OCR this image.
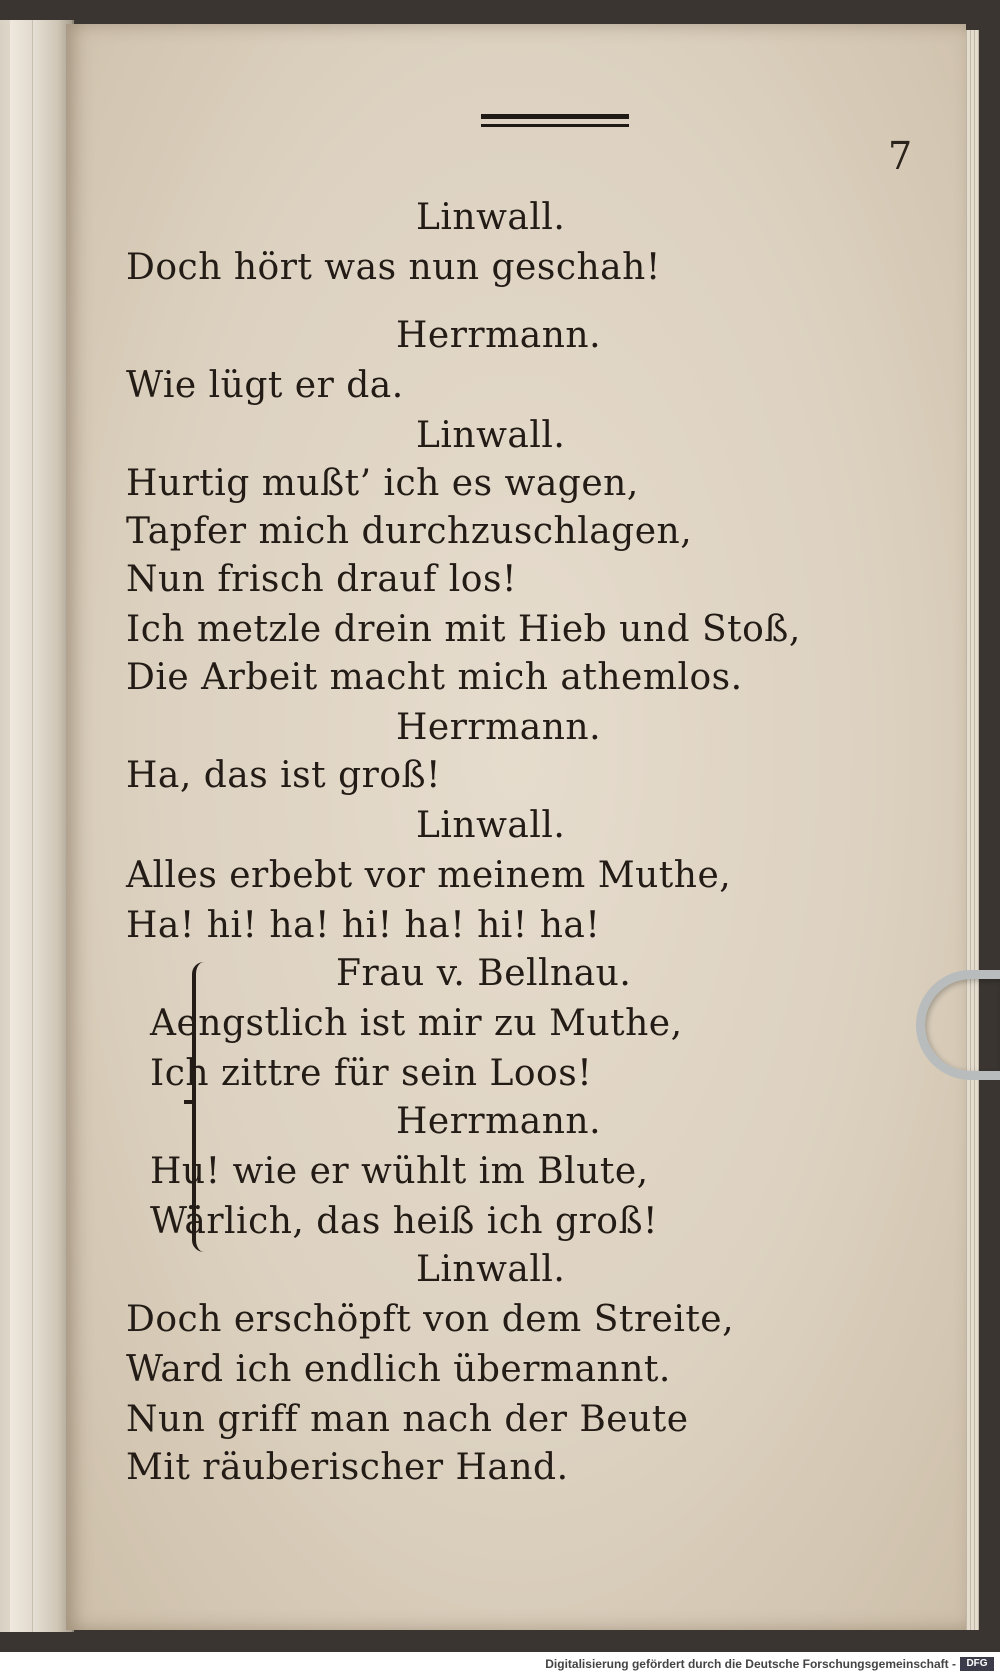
7
Linwall.
Doch hört was nun geschah!
Herrmann.
Wie lügt er da.
Linwall.
Hurtig mußt’ ich es wagen,
Tapfer mich durchzuschlagen,
Nun frisch drauf los!
Ich metzle drein mit Hieb und Stoß,
Die Arbeit macht mich athemlos.
Herrmann.
Ha, das ist groß!
Linwall.
Alles erbebt vor meinem Muthe,
Ha! hi! ha! hi! ha! hi! ha!
Frau v. Bellnau.
Aengstlich ist mir zu Muthe,
Ich zittre für sein Loos!
Herrmann.
Hu! wie er wühlt im Blute,
Wärlich, das heiß ich groß!
Linwall.
Doch erschöpft von dem Streite,
Ward ich endlich übermannt.
Nun griff man nach der Beute
Mit räuberischer Hand.
Digitalisierung gefördert durch die Deutsche Forschungsgemeinschaft -	DFG
